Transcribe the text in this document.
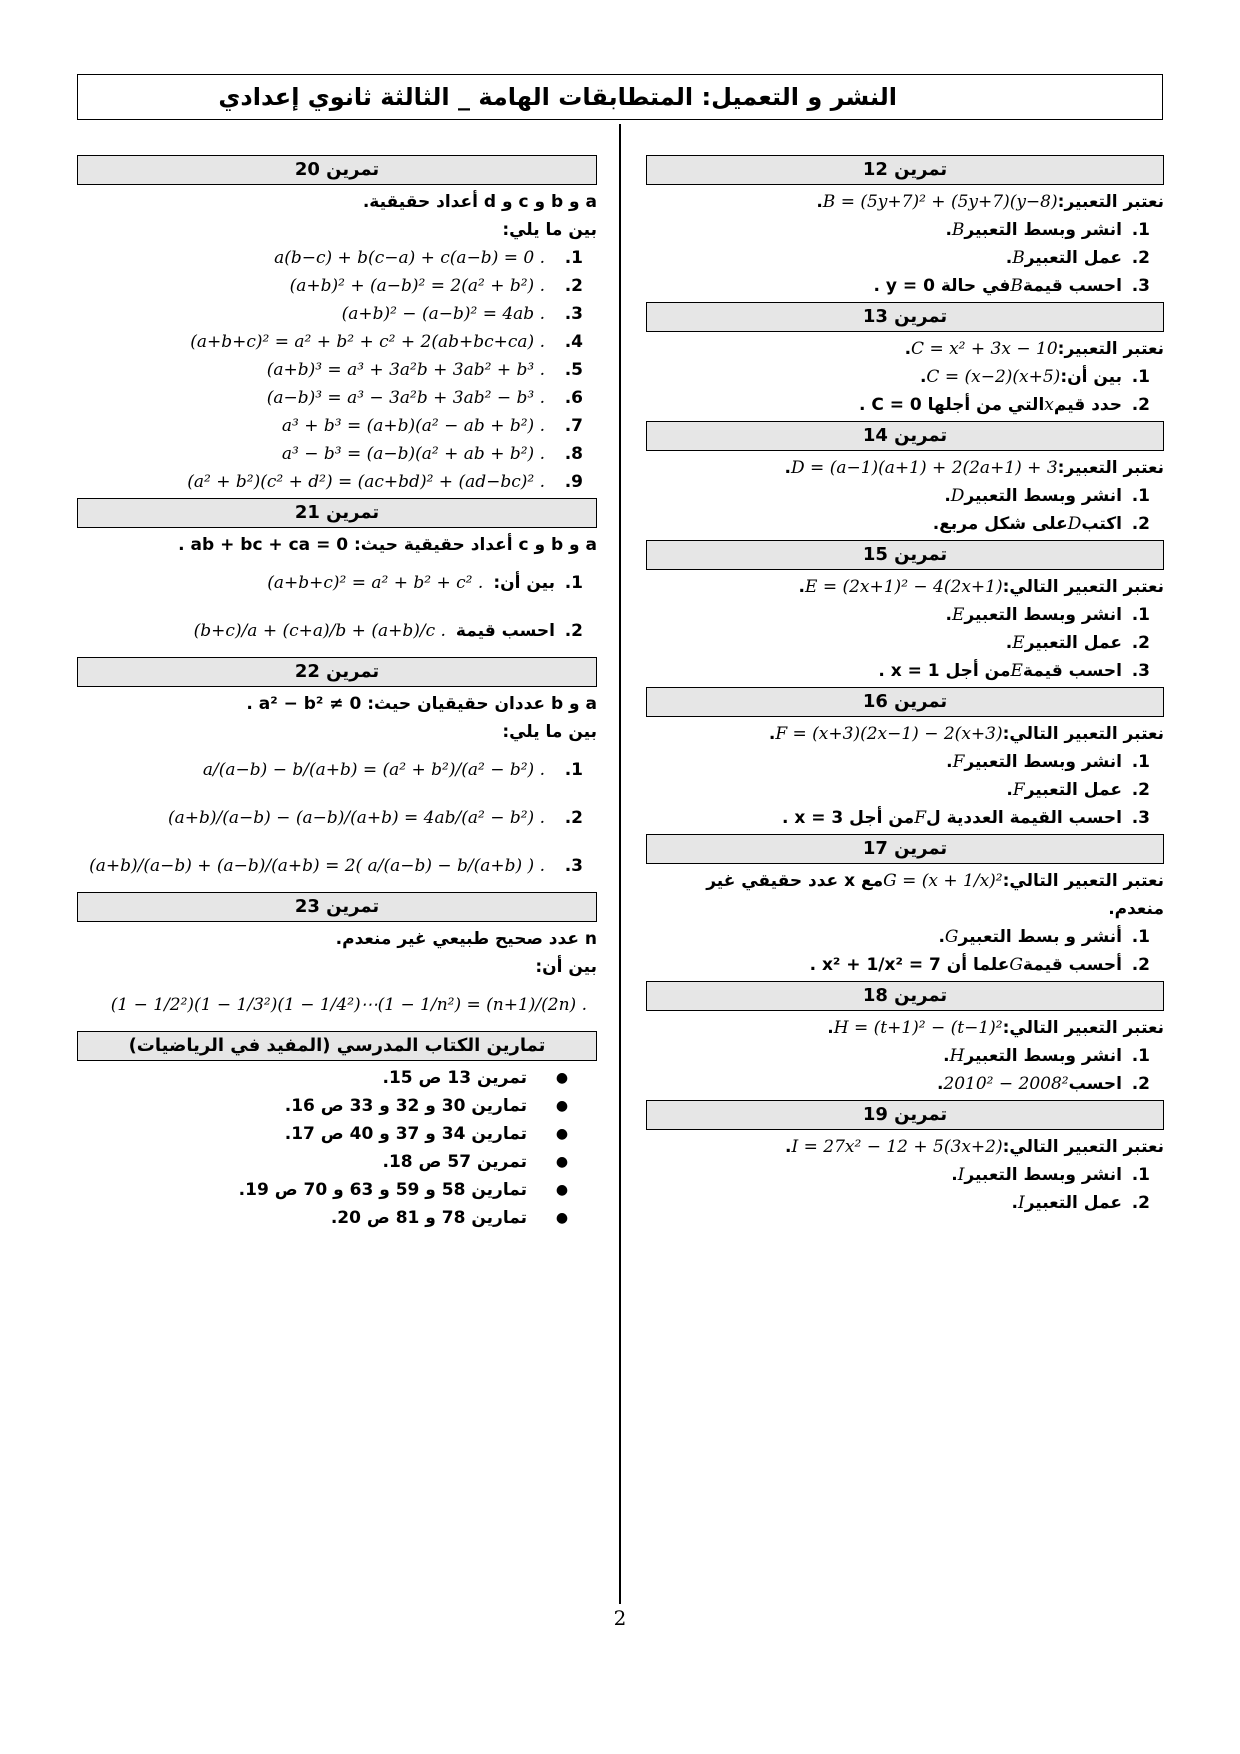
النشر و التعميل: المتطابقات الهامة _ الثالثة ثانوي إعدادي
تمرين 12
نعتبر التعبير:
B = (5y+7)² + (5y+7)(y−8)
.
1.
انشر وبسط التعبير
B
.
2.
عمل التعبير
B
.
3.
احسب قيمة
B
في حالة y = 0 .
تمرين 13
نعتبر التعبير:
C = x² + 3x − 10
.
1.
بين أن:
C = (x−2)(x+5)
.
2.
حدد قيم
x
التي من أجلها C = 0 .
تمرين 14
نعتبر التعبير:
D = (a−1)(a+1) + 2(2a+1) + 3
.
1.
انشر وبسط التعبير
D
.
2.
اكتب
D
على شكل مربع.
تمرين 15
نعتبر التعبير التالي:
E = (2x+1)² − 4(2x+1)
.
1.
انشر وبسط التعبير
E
.
2.
عمل التعبير
E
.
3.
احسب قيمة
E
من أجل x = 1 .
تمرين 16
نعتبر التعبير التالي:
F = (x+3)(2x−1) − 2(x+3)
.
1.
انشر وبسط التعبير
F
.
2.
عمل التعبير
F
.
3.
احسب القيمة العددية ل
F
من أجل x = 3 .
تمرين 17
نعتبر التعبير التالي:
G = (x + 1/x)²
مع x عدد حقيقي غير
منعدم.
1.
أنشر و بسط التعبير
G
.
2.
أحسب قيمة
G
علما أن x² + 1/x² = 7 .
تمرين 18
نعتبر التعبير التالي:
H = (t+1)² − (t−1)²
.
1.
انشر وبسط التعبير
H
.
2.
احسب
2010² − 2008²
.
تمرين 19
نعتبر التعبير التالي:
I = 27x² − 12 + 5(3x+2)
.
1.
انشر وبسط التعبير
I
.
2.
عمل التعبير
I
.
تمرين 20
a و b و c و d أعداد حقيقية.
بين ما يلي:
1.
a(b−c) + b(c−a) + c(a−b) = 0 .
2.
(a+b)² + (a−b)² = 2(a² + b²) .
3.
(a+b)² − (a−b)² = 4ab .
4.
(a+b+c)² = a² + b² + c² + 2(ab+bc+ca) .
5.
(a+b)³ = a³ + 3a²b + 3ab² + b³ .
6.
(a−b)³ = a³ − 3a²b + 3ab² − b³ .
7.
a³ + b³ = (a+b)(a² − ab + b²) .
8.
a³ − b³ = (a−b)(a² + ab + b²) .
9.
(a² + b²)(c² + d²) = (ac+bd)² + (ad−bc)² .
تمرين 21
a و b و c أعداد حقيقية حيث: ab + bc + ca = 0 .
1.
بين أن:
(a+b+c)² = a² + b² + c² .
2.
احسب قيمة
(b+c)/a + (c+a)/b + (a+b)/c .
تمرين 22
a و b عددان حقيقيان حيث: a² − b² ≠ 0 .
بين ما يلي:
1.
a/(a−b) − b/(a+b) = (a² + b²)/(a² − b²) .
2.
(a+b)/(a−b) − (a−b)/(a+b) = 4ab/(a² − b²) .
3.
(a+b)/(a−b) + (a−b)/(a+b) = 2( a/(a−b) − b/(a+b) ) .
تمرين 23
n عدد صحيح طبيعي غير منعدم.
بين أن:
(1 − 1/2²)(1 − 1/3²)(1 − 1/4²)⋯(1 − 1/n²) = (n+1)/(2n) .
تمارين الكتاب المدرسي (المفيد في الرياضيات)
●
تمرين 13 ص 15.
●
تمارين 30 و 32 و 33 ص 16.
●
تمارين 34 و 37 و 40 ص 17.
●
تمرين 57 ص 18.
●
تمارين 58 و 59 و 63 و 70 ص 19.
●
تمارين 78 و 81 ص 20.
2
